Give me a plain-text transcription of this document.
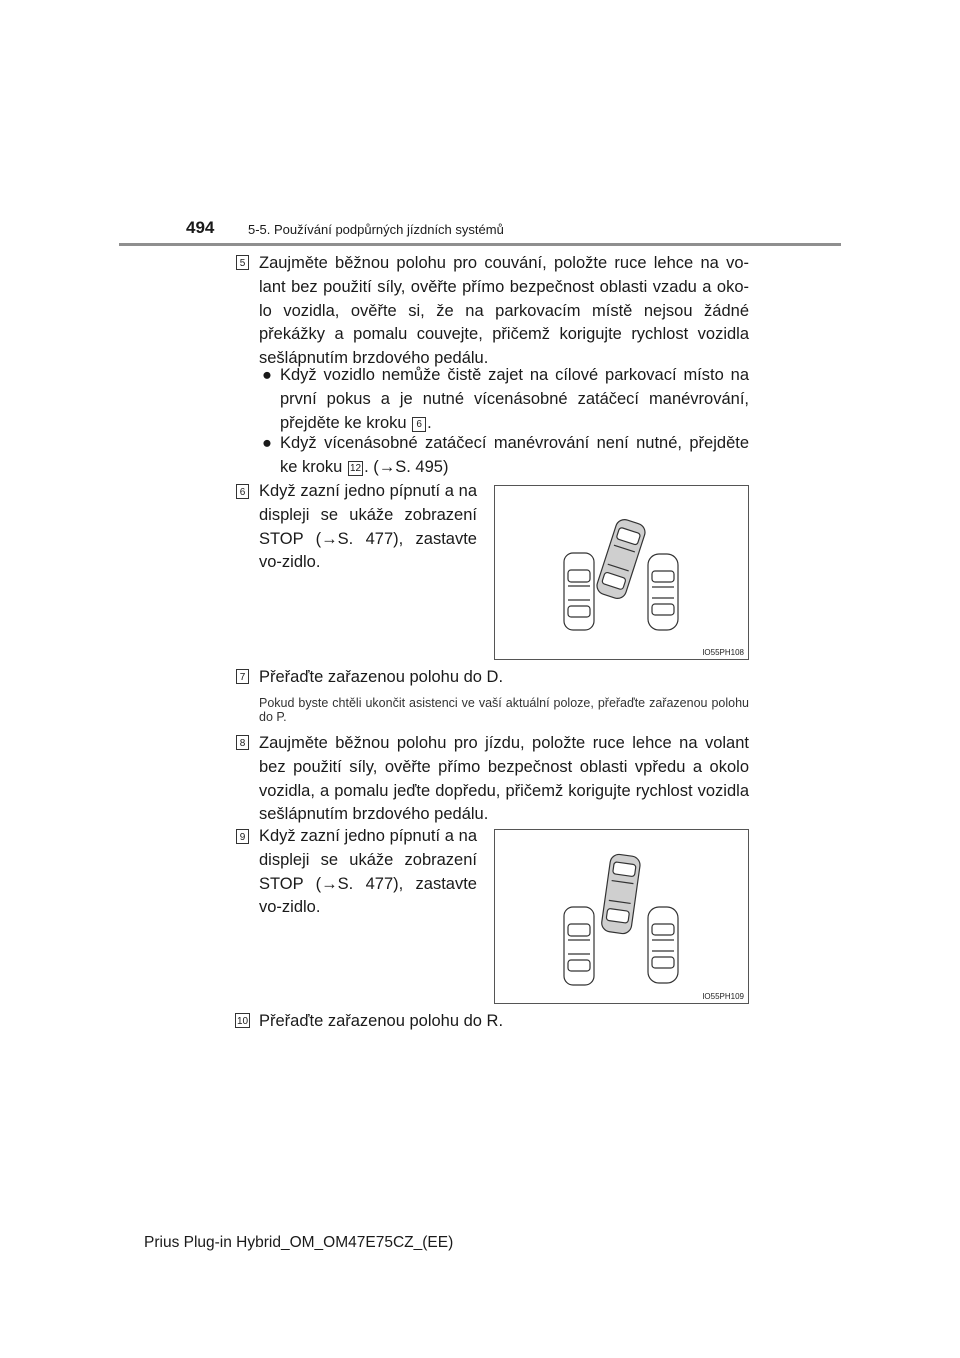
494	5-5. Používání podpůrných jízdních systémů
5 Zaujměte běžnou polohu pro couvání, položte ruce lehce na vo-lant bez použití síly, ověřte přímo bezpečnost oblasti vzadu a oko-lo vozidla, ověřte si, že na parkovacím místě nejsou žádné překážky a pomalu couvejte, přičemž korigujte rychlost vozidla sešlápnutím brzdového pedálu.
● Když vozidlo nemůže čistě zajet na cílové parkovací místo na první pokus a je nutné vícenásobné zatáčecí manévrování, přejděte ke kroku 6 .
● Když vícenásobné zatáčecí manévrování není nutné, přejděte ke kroku 12 . (→S. 495)
6 Když zazní jedno pípnutí a na displeji se ukáže zobrazení STOP (→S. 477), zastavte vo-zidlo.
IO55PH108
7 Přeřaďte zařazenou polohu do D.
Pokud byste chtěli ukončit asistenci ve vaší aktuální poloze, přeřaďte zařazenou polohu do P.
8 Zaujměte běžnou polohu pro jízdu, položte ruce lehce na volant bez použití síly, ověřte přímo bezpečnost oblasti vpředu a okolo vozidla, a pomalu jeďte dopředu, přičemž korigujte rychlost vozidla sešlápnutím brzdového pedálu.
9 Když zazní jedno pípnutí a na displeji se ukáže zobrazení STOP (→S. 477), zastavte vo-zidlo.
IO55PH109
10 Přeřaďte zařazenou polohu do R.
Prius Plug-in Hybrid_OM_OM47E75CZ_(EE)
